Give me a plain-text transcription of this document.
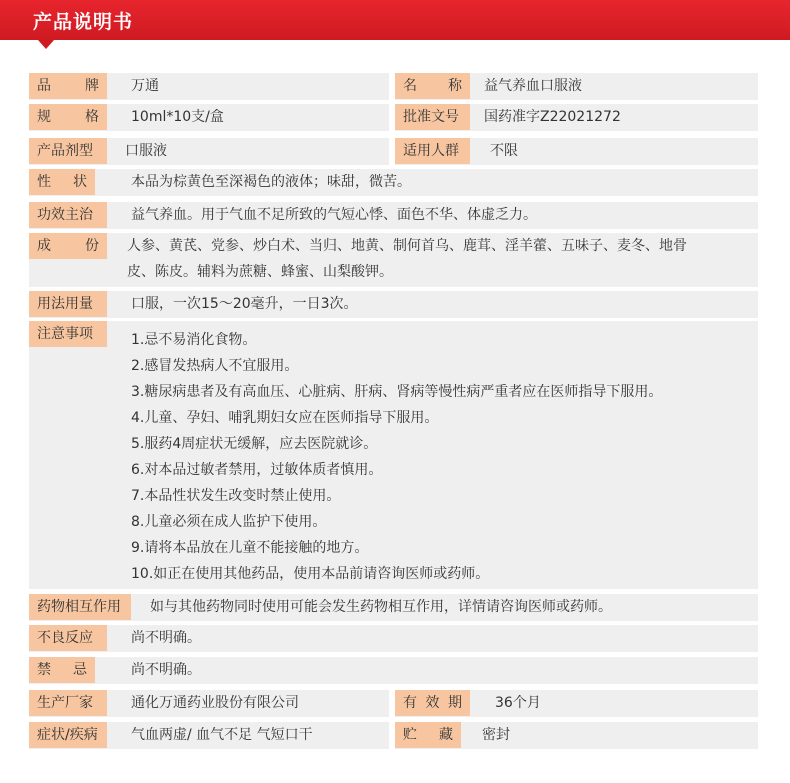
产品说明书
品 牌	万通	名 称	益气养血口服液
规 格	10ml*10支/盒	批准文号	国药准字Z22021272
产品剂型	口服液	适用人群	不限
性 状	本品为棕黄色至深褐色的液体；味甜，微苦。
功效主治	益气养血。用于气血不足所致的气短心悸、面色不华、体虚乏力。
成 份	人参、黄芪、党参、炒白术、当归、地黄、制何首乌、鹿茸、淫羊藿、五味子、麦冬、地骨
皮、陈皮。辅料为蔗糖、蜂蜜、山梨酸钾。
用法用量	口服，一次15～20毫升，一日3次。
注意事项	1.忌不易消化食物。
2.感冒发热病人不宜服用。
3.糖尿病患者及有高血压、心脏病、肝病、肾病等慢性病严重者应在医师指导下服用。
4.儿童、孕妇、哺乳期妇女应在医师指导下服用。
5.服药4周症状无缓解，应去医院就诊。
6.对本品过敏者禁用，过敏体质者慎用。
7.本品性状发生改变时禁止使用。
8.儿童必须在成人监护下使用。
9.请将本品放在儿童不能接触的地方。
10.如正在使用其他药品，使用本品前请咨询医师或药师。
药物相互作用	如与其他药物同时使用可能会发生药物相互作用，详情请咨询医师或药师。
不良反应	尚不明确。
禁 忌	尚不明确。
生产厂家	通化万通药业股份有限公司	有 效 期	36个月
症状/疾病	气血两虚/ 血气不足 气短口干	贮 藏	密封
